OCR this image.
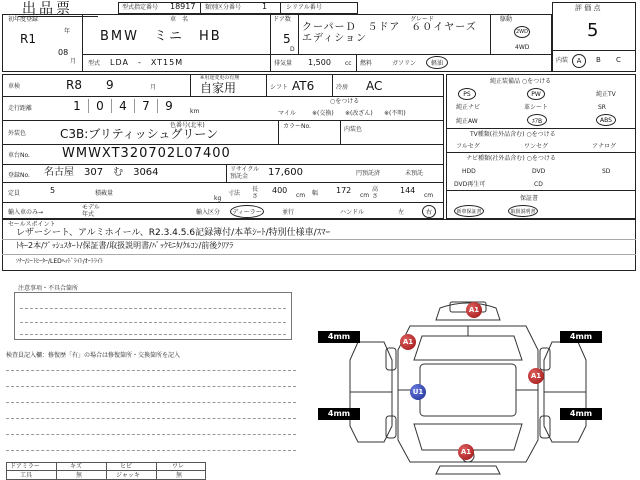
出品票	型式指定番号 18917 類別区分番号	1	シリアル番号
初年度登録
R1
年
08
月
車　名
BMW　ミニ　HB
ドア数
5
D
グレード
クーパーＤ　５ドア　６０イヤーズ　エディション
駆動
2WD
4WD
型式 LDA　-　XT15M	排気量 1,500 cc 燃料	ガソリン	軽油
評 価 点
5
内装	A	B C
車検	R8　　9	月
※用途変更の有無
自家用	シフト AT6	冷房 AC
走行距離	1	0	4	7	9	km
○をつける
マイル	※(交換) ※(改ざん) ※(不明)
外装色
色番号(北米)
C3B:ブリティッシュグリーン
カラーNo.	内装色
車台No. WMWXT320702L07400
登録No. 名古屋　307　む　3064	リサイクル預託金	17,600	円預託済	未預託
定員	5	積載量
kg
寸法
長さ
400
cm 幅 172
cm
高さ
144
cm
輸入車のみ→
モデル年式	輸入区分	ディーラー	並行	ハンドル	左	右
純正装備品 ○をつける
PS	PW	純正TV
純正ナビ	革シート	SR
純正AW	ｴｱB	ABS
TV種類(社外品含む) ○をつける
フルセグ	ワンセグ	アナログ
ナビ種類(社外品含む) ○をつける
HDD	DVD	SD
DVD再生可	CD
保証書
新車保証書	取扱説明書
セールスポイント
レザーシート、アルミホイール、R2.3.4.5.6記録簿付/本革ｼｰﾄ/特別仕様車/ｽﾏｰ
ﾄｷｰ2本/ﾌﾟｯｼｭｽﾀｰﾄ/保証書/取扱説明書/ﾊﾞｯｸﾓﾆﾀ/ｸﾙｺﾝ/前後ｸﾘｱﾗ
ｿﾅｰ/ｼｰﾄﾋｰﾀｰ/LEDﾍｯﾄﾞﾗｲﾄ/ｵｰﾄﾗｲﾄ
注意事項・不具合箇所
検査員記入欄：修復歴「有」の場合は修復箇所・交換箇所を記入
ドアミラー	キズ	ヒビ	ワレ
工具	無	ジャッキ	無
4mm	4mm
4mm	4mm
A1
A1
A1
U1
A1
